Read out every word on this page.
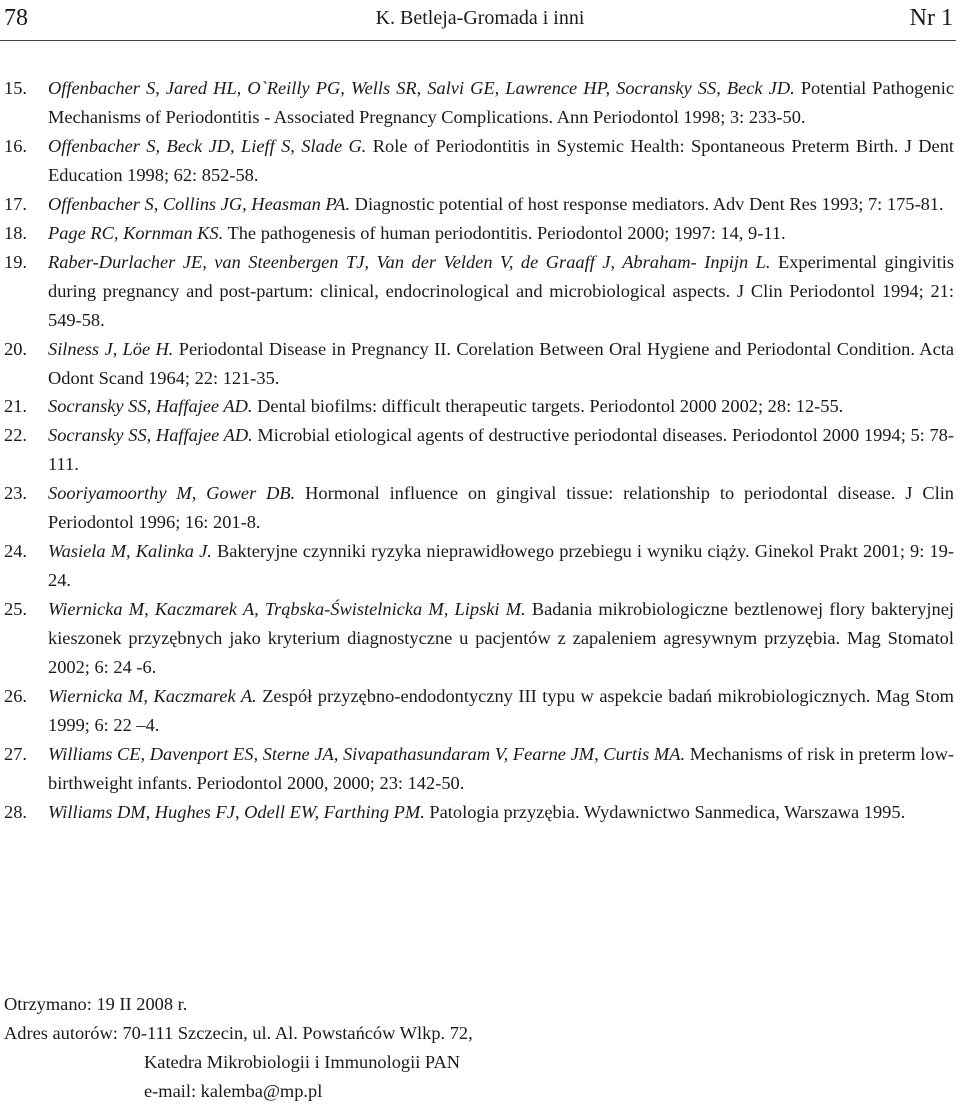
78	K. Betleja-Gromada i inni	Nr 1
15. Offenbacher S, Jared HL, O`Reilly PG, Wells SR, Salvi GE, Lawrence HP, Socransky SS, Beck JD. Potential Pathogenic Mechanisms of Periodontitis - Associated Pregnancy Complications. Ann Periodontol 1998; 3: 233-50.
16. Offenbacher S, Beck JD, Lieff S, Slade G. Role of Periodontitis in Systemic Health: Spontaneous Preterm Birth. J Dent Education 1998; 62: 852-58.
17. Offenbacher S, Collins JG, Heasman PA. Diagnostic potential of host response mediators. Adv Dent Res 1993; 7: 175-81.
18. Page RC, Kornman KS. The pathogenesis of human periodontitis. Periodontol 2000; 1997: 14, 9-11.
19. Raber-Durlacher JE, van Steenbergen TJ, Van der Velden V, de Graaff J, Abraham- Inpijn L. Experimental gingivitis during pregnancy and post-partum: clinical, endocrinological and microbiological aspects. J Clin Periodontol 1994; 21: 549-58.
20. Silness J, Löe H. Periodontal Disease in Pregnancy II. Corelation Between Oral Hygiene and Periodontal Condition. Acta Odont Scand 1964; 22: 121-35.
21. Socransky SS, Haffajee AD. Dental biofilms: difficult therapeutic targets. Periodontol 2000 2002; 28: 12-55.
22. Socransky SS, Haffajee AD. Microbial etiological agents of destructive periodontal diseases. Periodontol 2000 1994; 5: 78-111.
23. Sooriyamoorthy M, Gower DB. Hormonal influence on gingival tissue: relationship to periodontal disease. J Clin Periodontol 1996; 16: 201-8.
24. Wasiela M, Kalinka J. Bakteryjne czynniki ryzyka nieprawidłowego przebiegu i wyniku ciąży. Ginekol Prakt 2001; 9: 19-24.
25. Wiernicka M, Kaczmarek A, Trąbska-Świstelnicka M, Lipski M. Badania mikrobiologiczne beztlenowej flory bakteryjnej kieszonek przyzębnych jako kryterium diagnostyczne u pacjentów z zapaleniem agresywnym przyzębia. Mag Stomatol 2002; 6: 24 -6.
26. Wiernicka M, Kaczmarek A. Zespół przyzębno-endodontyczny III typu w aspekcie badań mikrobiologicznych. Mag Stom 1999; 6: 22 –4.
27. Williams CE, Davenport ES, Sterne JA, Sivapathasundaram V, Fearne JM, Curtis MA. Mechanisms of risk in preterm low- birthweight infants. Periodontol 2000, 2000; 23: 142-50.
28. Williams DM, Hughes FJ, Odell EW, Farthing PM. Patologia przyzębia. Wydawnictwo Sanmedica, Warszawa 1995.
Otrzymano: 19 II 2008 r.
Adres autorów: 70-111 Szczecin, ul. Al. Powstańców Wlkp. 72,
Katedra Mikrobiologii i Immunologii PAN
e-mail: kalemba@mp.pl
